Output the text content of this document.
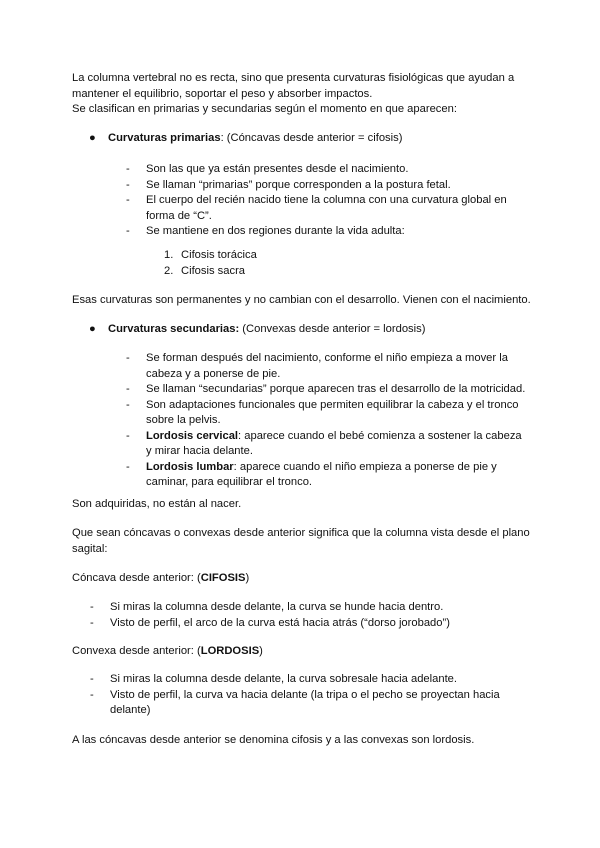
La columna vertebral no es recta, sino que presenta curvaturas fisiológicas que ayudan a

mantener el equilibrio, soportar el peso y absorber impactos.

Se clasifican en primarias y secundarias según el momento en que aparecen:

● Curvaturas primarias: (Cóncavas desde anterior = cifosis)
- Son las que ya están presentes desde el nacimiento.
- Se llaman “primarias” porque corresponden a la postura fetal.
- El cuerpo del recién nacido tiene la columna con una curvatura global en forma de “C”.
- Se mantiene en dos regiones durante la vida adulta:
1. Cifosis torácica
2. Cifosis sacra

Esas curvaturas son permanentes y no cambian con el desarrollo. Vienen con el nacimiento.

● Curvaturas secundarias: (Convexas desde anterior = lordosis)
- Se forman después del nacimiento, conforme el niño empieza a mover la cabeza y a ponerse de pie.
- Se llaman “secundarias” porque aparecen tras el desarrollo de la motricidad.
- Son adaptaciones funcionales que permiten equilibrar la cabeza y el tronco sobre la pelvis.
- Lordosis cervical: aparece cuando el bebé comienza a sostener la cabeza y mirar hacia delante.
- Lordosis lumbar: aparece cuando el niño empieza a ponerse de pie y caminar, para equilibrar el tronco.

Son adquiridas, no están al nacer.

Que sean cóncavas o convexas desde anterior significa que la columna vista desde el plano sagital:

Cóncava desde anterior: (CIFOSIS)

- Si miras la columna desde delante, la curva se hunde hacia dentro.
- Visto de perfil, el arco de la curva está hacia atrás (“dorso jorobado”)

Convexa desde anterior: (LORDOSIS)

- Si miras la columna desde delante, la curva sobresale hacia adelante.
- Visto de perfil, la curva va hacia delante (la tripa o el pecho se proyectan hacia delante)

A las cóncavas desde anterior se denomina cifosis y a las convexas son lordosis.
